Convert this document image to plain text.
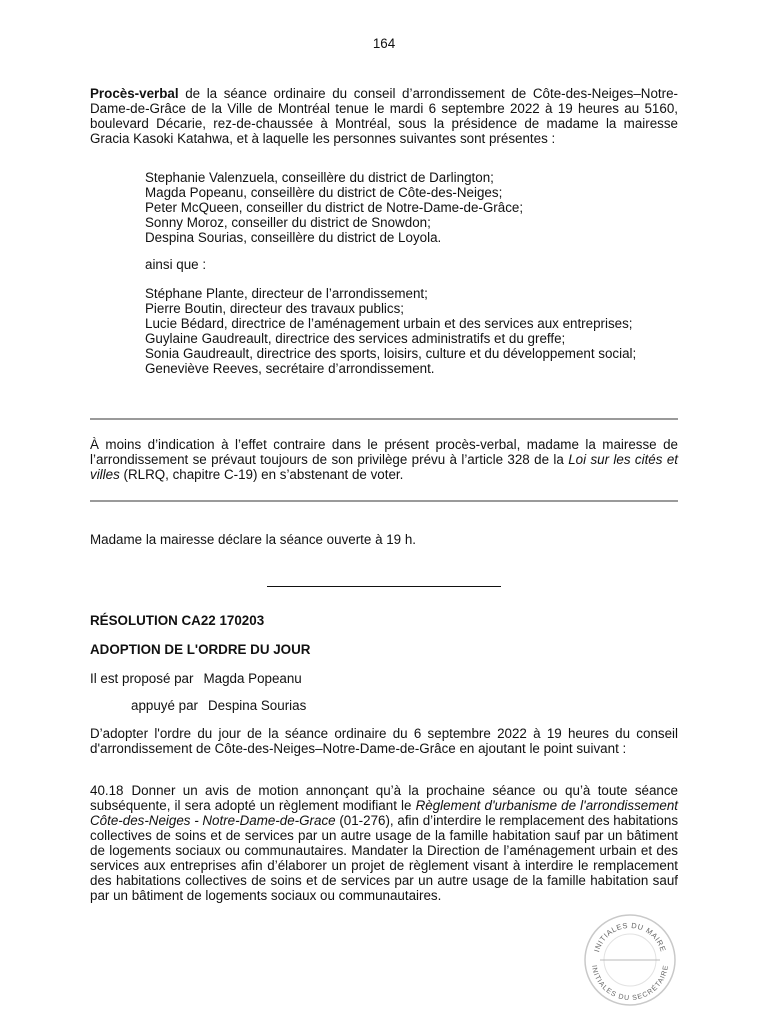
164
Procès-verbal de la séance ordinaire du conseil d’arrondissement de Côte-des-Neiges–Notre-Dame-de-Grâce de la Ville de Montréal tenue le mardi 6 septembre 2022 à 19 heures au 5160, boulevard Décarie, rez-de-chaussée à Montréal, sous la présidence de madame la mairesse Gracia Kasoki Katahwa, et à laquelle les personnes suivantes sont présentes :
Stephanie Valenzuela, conseillère du district de Darlington;
Magda Popeanu, conseillère du district de Côte-des-Neiges;
Peter McQueen, conseiller du district de Notre-Dame-de-Grâce;
Sonny Moroz, conseiller du district de Snowdon;
Despina Sourias, conseillère du district de Loyola.
ainsi que :
Stéphane Plante, directeur de l’arrondissement;
Pierre Boutin, directeur des travaux publics;
Lucie Bédard, directrice de l’aménagement urbain et des services aux entreprises;
Guylaine Gaudreault, directrice des services administratifs et du greffe;
Sonia Gaudreault, directrice des sports, loisirs, culture et du développement social;
Geneviève Reeves, secrétaire d’arrondissement.
À moins d’indication à l’effet contraire dans le présent procès-verbal, madame la mairesse de l’arrondissement se prévaut toujours de son privilège prévu à l’article 328 de la Loi sur les cités et villes (RLRQ, chapitre C-19) en s’abstenant de voter.
Madame la mairesse déclare la séance ouverte à 19 h.
RÉSOLUTION CA22 170203
ADOPTION DE L'ORDRE DU JOUR
Il est proposé par Magda Popeanu
appuyé par Despina Sourias
D’adopter l'ordre du jour de la séance ordinaire du 6 septembre 2022 à 19 heures du conseil d'arrondissement de Côte-des-Neiges–Notre-Dame-de-Grâce en ajoutant le point suivant :
40.18 Donner un avis de motion annonçant qu’à la prochaine séance ou qu’à toute séance subséquente, il sera adopté un règlement modifiant le Règlement d'urbanisme de l'arrondissement Côte-des-Neiges - Notre-Dame-de-Grace (01-276), afin d’interdire le remplacement des habitations collectives de soins et de services par un autre usage de la famille habitation sauf par un bâtiment de logements sociaux ou communautaires. Mandater la Direction de l’aménagement urbain et des services aux entreprises afin d’élaborer un projet de règlement visant à interdire le remplacement des habitations collectives de soins et de services par un autre usage de la famille habitation sauf par un bâtiment de logements sociaux ou communautaires.
INITIALES DU MAIRE
INITIALES DU SECRÉTAIRE
